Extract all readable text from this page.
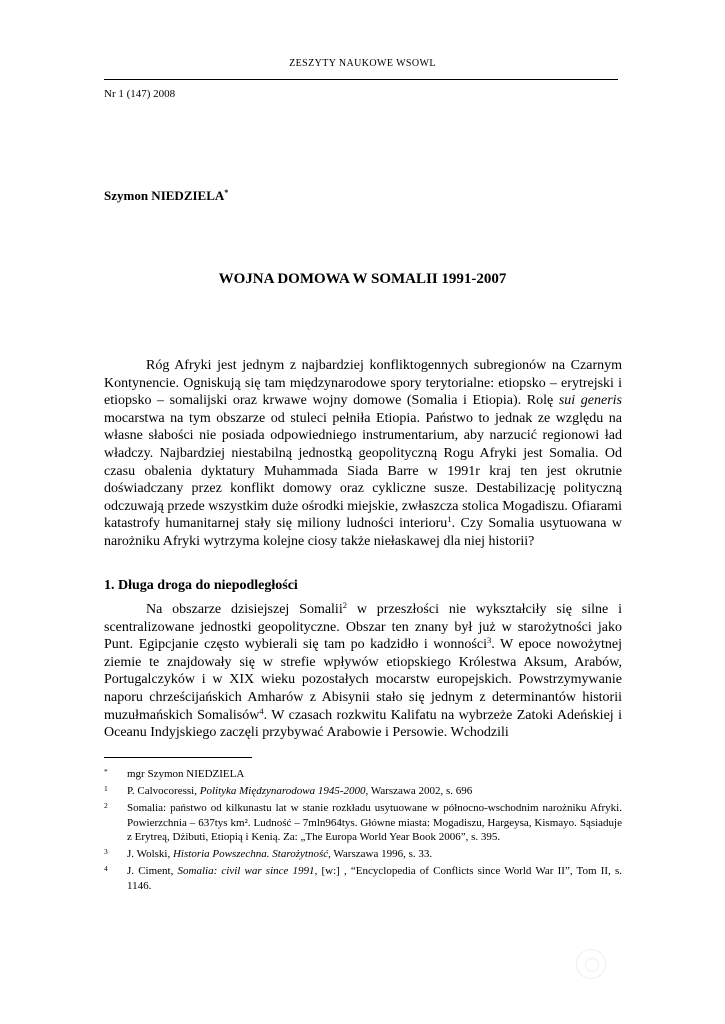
ZESZYTY NAUKOWE WSOWL
Nr 1 (147) 2008
Szymon NIEDZIELA*
WOJNA DOMOWA W SOMALII 1991-2007

Róg Afryki jest jednym z najbardziej konfliktogennych subregionów na Czarnym Kontynencie. Ogniskują się tam międzynarodowe spory terytorialne: etiopsko – erytrejski i etiopsko – somalijski oraz krwawe wojny domowe (Somalia i Etiopia). Rolę sui generis mocarstwa na tym obszarze od stuleci pełniła Etiopia. Państwo to jednak ze względu na własne słabości nie posiada odpowiedniego instrumentarium, aby narzucić regionowi ład władczy. Najbardziej niestabilną jednostką geopolityczną Rogu Afryki jest Somalia. Od czasu obalenia dyktatury Muhammada Siada Barre w 1991r kraj ten jest okrutnie doświadczany przez konflikt domowy oraz cykliczne susze. Destabilizację polityczną odczuwają przede wszystkim duże ośrodki miejskie, zwłaszcza stolica Mogadiszu. Ofiarami katastrofy humanitarnej stały się miliony ludności interioru$^1$. Czy Somalia usytuowana w narożniku Afryki wytrzyma kolejne ciosy także niełaskawej dla niej historii?

1. Długa droga do niepodległości

Na obszarze dzisiejszej Somalii$^2$ w przeszłości nie wykształciły się silne i scentralizowane jednostki geopolityczne. Obszar ten znany był już w starożytności jako Punt. Egipcjanie często wybierali się tam po kadzidło i wonności$^3$. W epoce nowożytnej ziemie te znajdowały się w strefie wpływów etiopskiego Królestwa Aksum, Arabów, Portugalczyków i w XIX wieku pozostałych mocarstw europejskich. Powstrzymywanie naporu chrześcijańskich Amharów z Abisynii stało się jednym z determinantów historii muzułmańskich Somalisów$^4$. W czasach rozkwitu Kalifatu na wybrzeże Zatoki Adeńskiej i Oceanu Indyjskiego zaczęli przybywać Arabowie i Persowie. Wchodzili

* mgr Szymon NIEDZIELA
1 P. Calvocoressi, Polityka Międzynarodowa 1945-2000, Warszawa 2002, s. 696
2 Somalia: państwo od kilkunastu lat w stanie rozkładu usytuowane w północno-wschodnim narożniku Afryki. Powierzchnia – 637tys km². Ludność – 7mln964tys. Główne miasta: Mogadiszu, Hargeysa, Kismayo. Sąsiaduje z Erytreą, Dżibuti, Etiopią i Kenią. Za: „The Europa World Year Book 2006”, s. 395.
3 J. Wolski, Historia Powszechna. Starożytność, Warszawa 1996, s. 33.
4 J. Ciment, Somalia: civil war since 1991, [w:] , “Encyclopedia of Conflicts since World War II”, Tom II, s. 1146.
